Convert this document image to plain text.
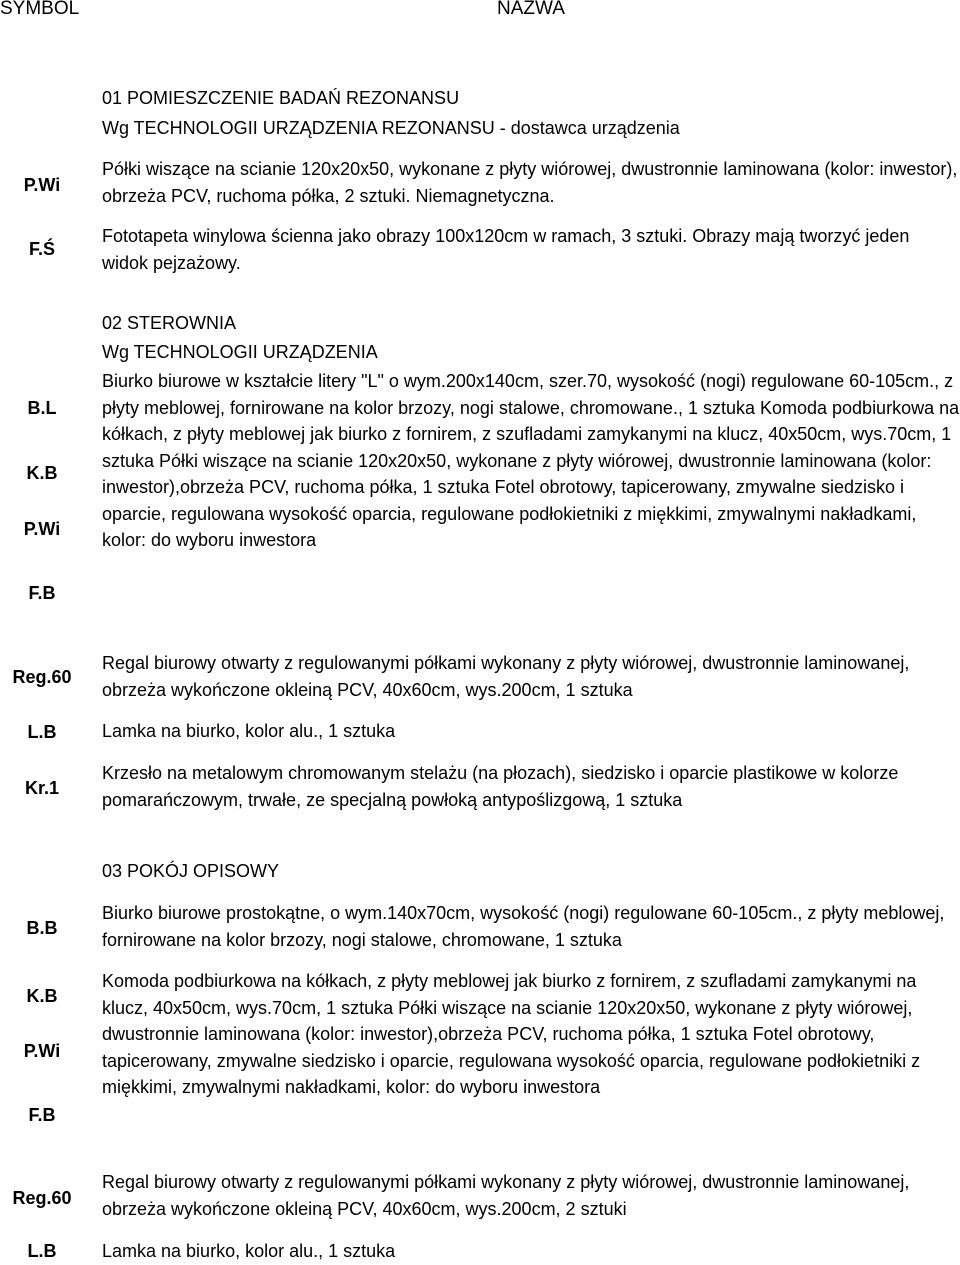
SYMBOL	NAZWA
01 POMIESZCZENIE BADAŃ REZONANSU
Wg TECHNOLOGII URZĄDZENIA REZONANSU - dostawca urządzenia
P.Wi
Półki wiszące na scianie 120x20x50, wykonane z płyty wiórowej, dwustronnie laminowana (kolor: inwestor), obrzeża PCV, ruchoma półka, 2 sztuki. Niemagnetyczna.
F.Ś
Fototapeta winylowa ścienna jako obrazy 100x120cm w ramach, 3 sztuki. Obrazy mają tworzyć jeden widok pejzażowy.
02 STEROWNIA
Wg TECHNOLOGII URZĄDZENIA
B.L
K.B
P.Wi
F.B
Reg.60
L.B
Kr.1
Biurko biurowe w kształcie litery "L" o wym.200x140cm, szer.70, wysokość (nogi) regulowane 60-105cm., z płyty meblowej, fornirowane na kolor brzozy, nogi stalowe, chromowane., 1 sztuka Komoda podbiurkowa na kółkach, z płyty meblowej jak biurko z fornirem, z szufladami zamykanymi na klucz, 40x50cm, wys.70cm, 1 sztuka Półki wiszące na scianie 120x20x50, wykonane z płyty wiórowej, dwustronnie laminowana (kolor: inwestor),obrzeża PCV, ruchoma półka, 1 sztuka Fotel obrotowy, tapicerowany, zmywalne siedzisko i oparcie, regulowana wysokość oparcia, regulowane podłokietniki z miękkimi, zmywalnymi nakładkami, kolor: do wyboru inwestora
Regal biurowy otwarty z regulowanymi półkami wykonany z płyty wiórowej, dwustronnie laminowanej, obrzeża wykończone okleiną PCV, 40x60cm, wys.200cm, 1 sztuka
Lamka na biurko, kolor alu., 1 sztuka
Krzesło na metalowym chromowanym stelażu (na płozach), siedzisko i oparcie plastikowe w kolorze pomarańczowym, trwałe, ze specjalną powłoką antypoślizgową, 1 sztuka
03 POKÓJ OPISOWY
B.B
K.B
P.Wi
F.B
Reg.60
L.B
Biurko biurowe prostokątne, o wym.140x70cm, wysokość (nogi) regulowane 60-105cm., z płyty meblowej, fornirowane na kolor brzozy, nogi stalowe, chromowane, 1 sztuka
Komoda podbiurkowa na kółkach, z płyty meblowej jak biurko z fornirem, z szufladami zamykanymi na klucz, 40x50cm, wys.70cm, 1 sztuka Półki wiszące na scianie 120x20x50, wykonane z płyty wiórowej, dwustronnie laminowana (kolor: inwestor),obrzeża PCV, ruchoma półka, 1 sztuka Fotel obrotowy, tapicerowany, zmywalne siedzisko i oparcie, regulowana wysokość oparcia, regulowane podłokietniki z miękkimi, zmywalnymi nakładkami, kolor: do wyboru inwestora
Regal biurowy otwarty z regulowanymi półkami wykonany z płyty wiórowej, dwustronnie laminowanej, obrzeża wykończone okleiną PCV, 40x60cm, wys.200cm, 2 sztuki
Lamka na biurko, kolor alu., 1 sztuka
